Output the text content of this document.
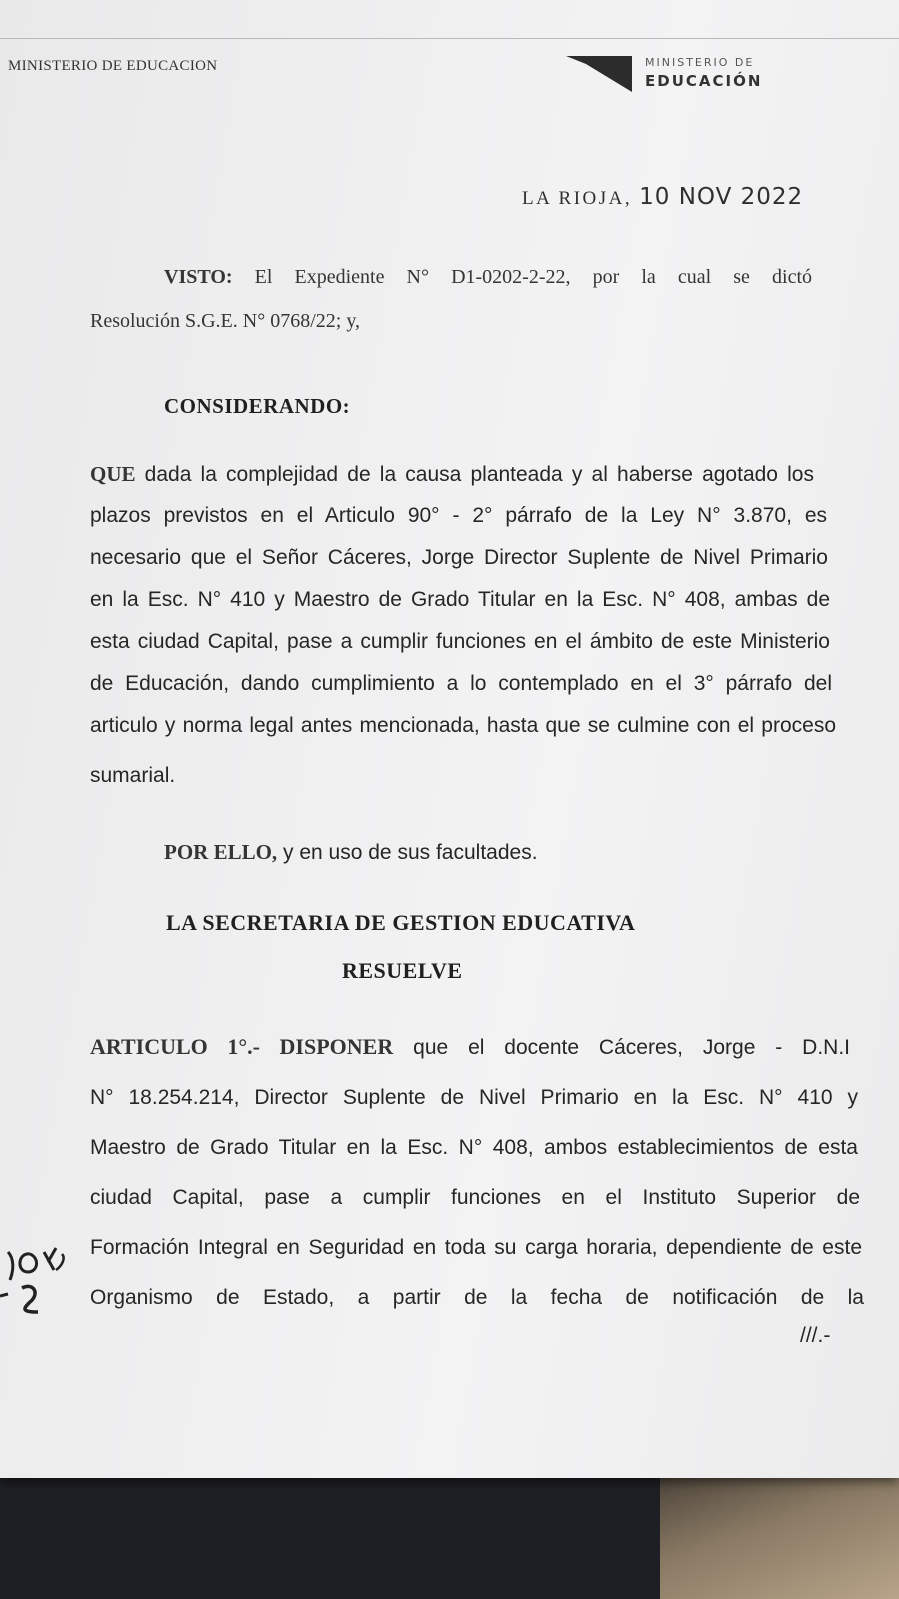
MINISTERIO DE EDUCACION	MINISTERIO DE
EDUCACIÓN
LA RIOJA, 10 NOV 2022
VISTO: El Expediente N° D1-0202-2-22, por la cual se dictó
Resolución S.G.E. N° 0768/22; y,
CONSIDERANDO:
QUE dada la complejidad de la causa planteada y al haberse agotado los
plazos previstos en el Articulo 90° - 2° párrafo de la Ley N° 3.870, es
necesario que el Señor Cáceres, Jorge Director Suplente de Nivel Primario
en la Esc. N° 410 y Maestro de Grado Titular en la Esc. N° 408, ambas de
esta ciudad Capital, pase a cumplir funciones en el ámbito de este Ministerio
de Educación, dando cumplimiento a lo contemplado en el 3° párrafo del
articulo y norma legal antes mencionada, hasta que se culmine con el proceso
sumarial.
POR ELLO, y en uso de sus facultades.
LA SECRETARIA DE GESTION EDUCATIVA
RESUELVE
ARTICULO 1°.- DISPONER que el docente Cáceres, Jorge - D.N.I
N° 18.254.214, Director Suplente de Nivel Primario en la Esc. N° 410 y
Maestro de Grado Titular en la Esc. N° 408, ambos establecimientos de esta
ciudad Capital, pase a cumplir funciones en el Instituto Superior de
Formación Integral en Seguridad en toda su carga horaria, dependiente de este
Organismo de Estado, a partir de la fecha de notificación de la
///.-
